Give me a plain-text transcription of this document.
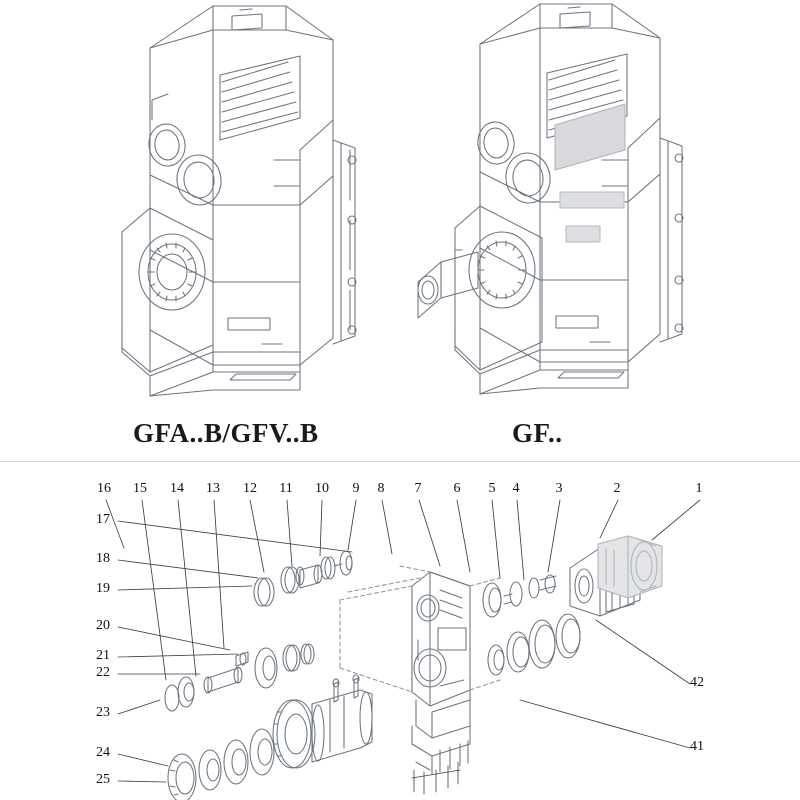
GFA..B/GFV..B	GF..
16 15 14 13 12 11 10	9	8	7	6	5	4	3	2	1
17
18
19
20
21
22
23
24
25
42
41
